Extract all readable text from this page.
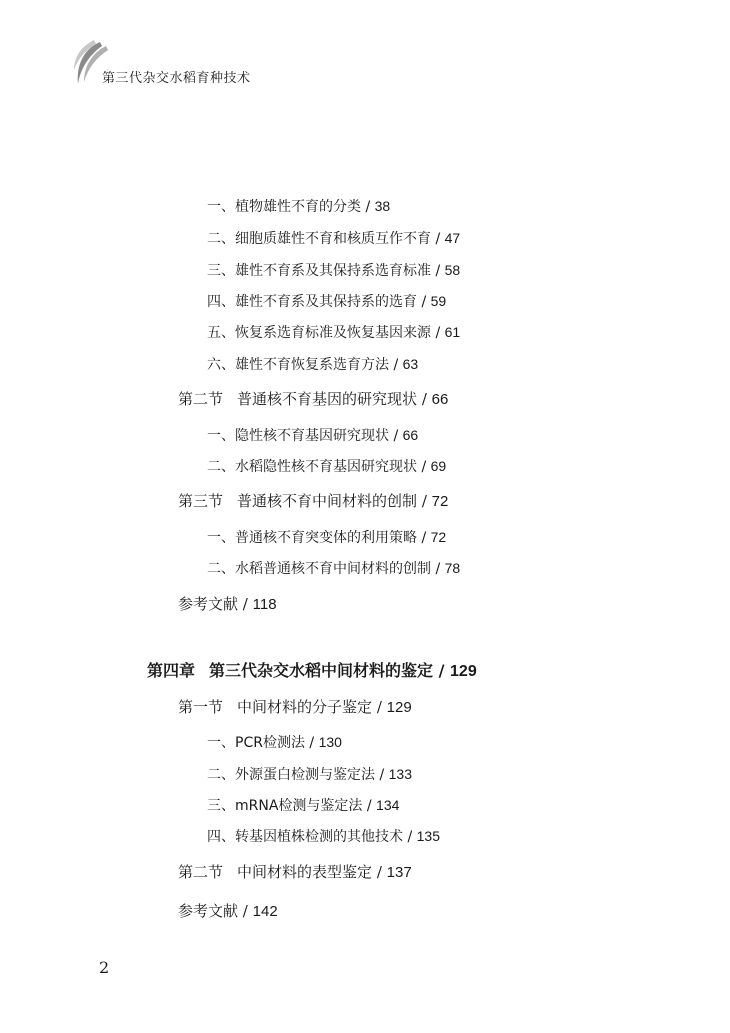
第三代杂交水稻育种技术
一、植物雄性不育的分类 / 38
二、细胞质雄性不育和核质互作不育 / 47
三、雄性不育系及其保持系选育标准 / 58
四、雄性不育系及其保持系的选育 / 59
五、恢复系选育标准及恢复基因来源 / 61
六、雄性不育恢复系选育方法 / 63
第二节 普通核不育基因的研究现状 / 66
一、隐性核不育基因研究现状 / 66
二、水稻隐性核不育基因研究现状 / 69
第三节 普通核不育中间材料的创制 / 72
一、普通核不育突变体的利用策略 / 72
二、水稻普通核不育中间材料的创制 / 78
参考文献 / 118
第四章 第三代杂交水稻中间材料的鉴定 / 129
第一节 中间材料的分子鉴定 / 129
一、PCR检测法 / 130
二、外源蛋白检测与鉴定法 / 133
三、mRNA检测与鉴定法 / 134
四、转基因植株检测的其他技术 / 135
第二节 中间材料的表型鉴定 / 137
参考文献 / 142
2
